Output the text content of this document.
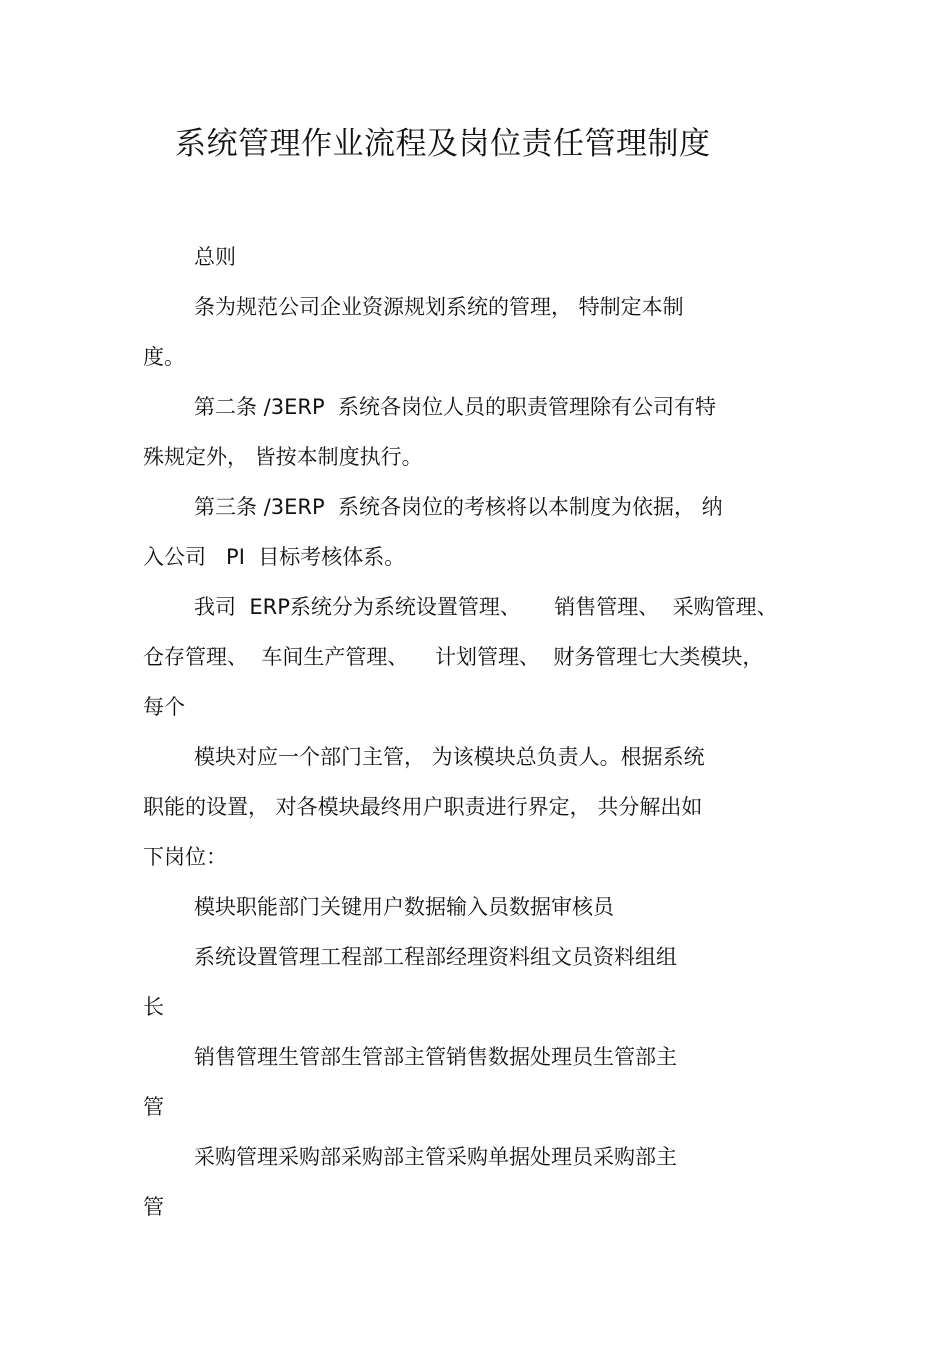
系统管理作业流程及岗位责任管理制度
总则
条为规范公司企业资源规划系统的管理， 特制定本制
度。
第二条 /3ERP  系统各岗位人员的职责管理除有公司有特
殊规定外， 皆按本制度执行。
第三条 /3ERP  系统各岗位的考核将以本制度为依据， 纳
入公司   PI  目标考核体系。
我司  ERP系统分为系统设置管理、     销售管理、  采购管理、
仓存管理、  车间生产管理、    计划管理、  财务管理七大类模块，
每个
模块对应一个部门主管， 为该模块总负责人。根据系统
职能的设置， 对各模块最终用户职责进行界定， 共分解出如
下岗位：
模块职能部门关键用户数据输入员数据审核员
系统设置管理工程部工程部经理资料组文员资料组组
长
销售管理生管部生管部主管销售数据处理员生管部主
管
采购管理采购部采购部主管采购单据处理员采购部主
管
